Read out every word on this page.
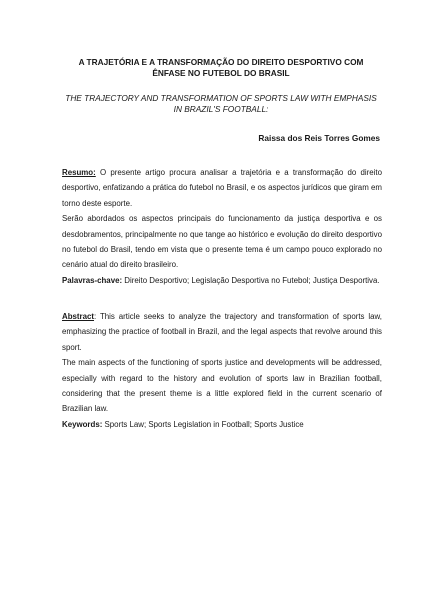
A TRAJETÓRIA E A TRANSFORMAÇÃO DO DIREITO DESPORTIVO COM
ÊNFASE NO FUTEBOL DO BRASIL
THE TRAJECTORY AND TRANSFORMATION OF SPORTS LAW WITH EMPHASIS
IN BRAZIL'S FOOTBALL:
Raissa dos Reis Torres Gomes

Resumo: O presente artigo procura analisar a trajetória e a transformação do direito desportivo, enfatizando a prática do futebol no Brasil, e os aspectos jurídicos que giram em torno deste esporte.

Serão abordados os aspectos principais do funcionamento da justiça desportiva e os desdobramentos, principalmente no que tange ao histórico e evolução do direito desportivo no futebol do Brasil, tendo em vista que o presente tema é um campo pouco explorado no cenário atual do direito brasileiro.

Palavras-chave: Direito Desportivo; Legislação Desportiva no Futebol; Justiça Desportiva.

Abstract: This article seeks to analyze the trajectory and transformation of sports law, emphasizing the practice of football in Brazil, and the legal aspects that revolve around this sport.

The main aspects of the functioning of sports justice and developments will be addressed, especially with regard to the history and evolution of sports law in Brazilian football, considering that the present theme is a little explored field in the current scenario of Brazilian law.

Keywords: Sports Law; Sports Legislation in Football; Sports Justice
